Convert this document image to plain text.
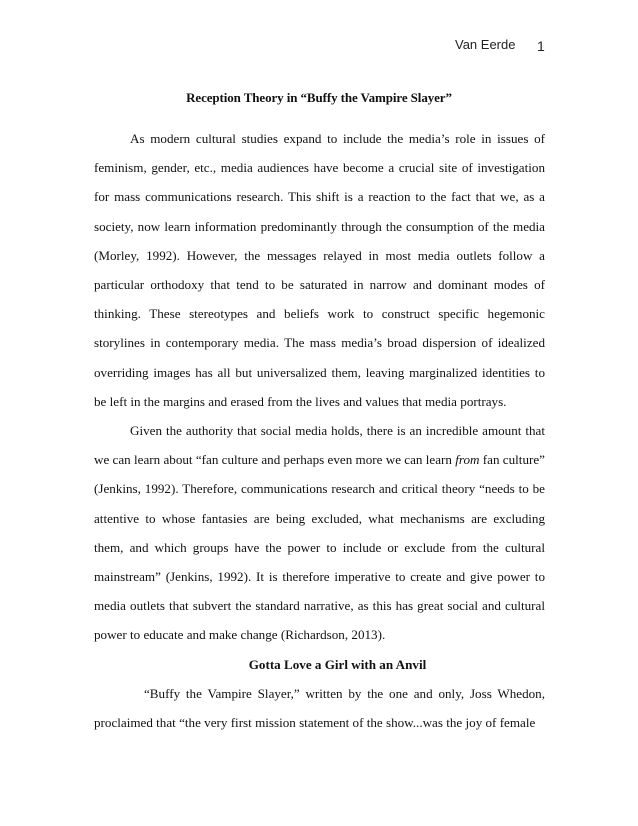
Van Eerde 1
Reception Theory in “Buffy the Vampire Slayer”

As modern cultural studies expand to include the media’s role in issues of feminism, gender, etc., media audiences have become a crucial site of investigation for mass communications research. This shift is a reaction to the fact that we, as a society, now learn information predominantly through the consumption of the media (Morley, 1992). However, the messages relayed in most media outlets follow a particular orthodoxy that tend to be saturated in narrow and dominant modes of thinking. These stereotypes and beliefs work to construct specific hegemonic storylines in contemporary media. The mass media’s broad dispersion of idealized overriding images has all but universalized them, leaving marginalized identities to be left in the margins and erased from the lives and values that media portrays.

Given the authority that social media holds, there is an incredible amount that we can learn about “fan culture and perhaps even more we can learn from fan culture” (Jenkins, 1992). Therefore, communications research and critical theory “needs to be attentive to whose fantasies are being excluded, what mechanisms are excluding them, and which groups have the power to include or exclude from the cultural mainstream” (Jenkins, 1992). It is therefore imperative to create and give power to media outlets that subvert the standard narrative, as this has great social and cultural power to educate and make change (Richardson, 2013).

Gotta Love a Girl with an Anvil

“Buffy the Vampire Slayer,” written by the one and only, Joss Whedon, proclaimed that “the very first mission statement of the show...was the joy of female
